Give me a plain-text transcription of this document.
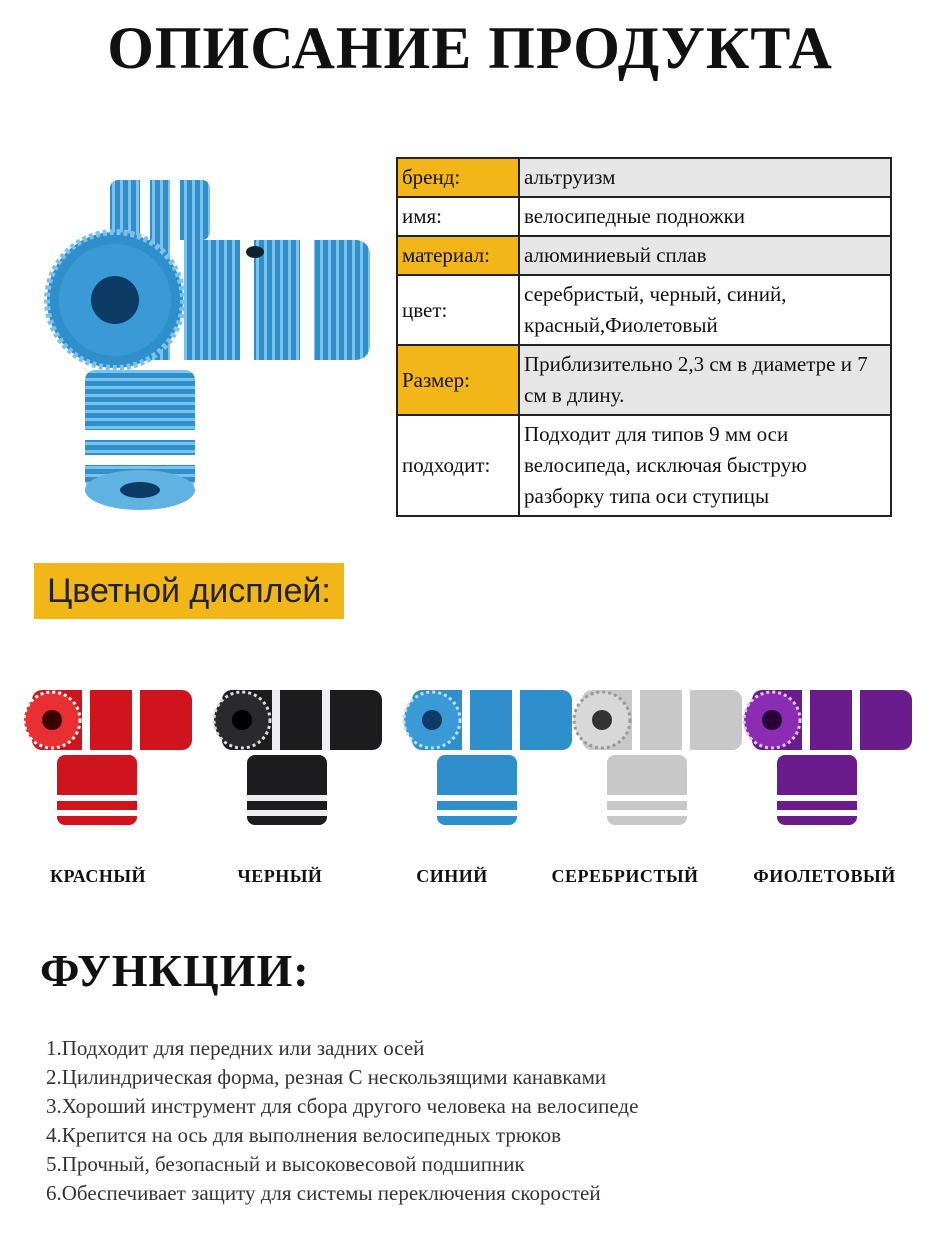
ОПИСАНИЕ ПРОДУКТА
бренд:	альтруизм
имя:	велосипедные подножки
материал:	алюминиевый сплав
цвет:	серебристый, черный, синий, красный,Фиолетовый
Размер:	Приблизительно 2,3 см в диаметре и 7 см в длину.
подходит:	Подходит для типов 9 мм оси велосипеда, исключая быструю разборку типа оси ступицы
Цветной дисплей:
КРАСНЫЙ	ЧЕРНЫЙ	СИНИЙ	СЕРЕБРИСТЫЙ	ФИОЛЕТОВЫЙ
ФУНКЦИИ:
1.Подходит для передних или задних осей
2.Цилиндрическая форма, резная С нескользящими канавками
3.Хороший инструмент для сбора другого человека на велосипеде
4.Крепится на ось для выполнения велосипедных трюков
5.Прочный, безопасный и высоковесовой подшипник
6.Обеспечивает защиту для системы переключения скоростей
